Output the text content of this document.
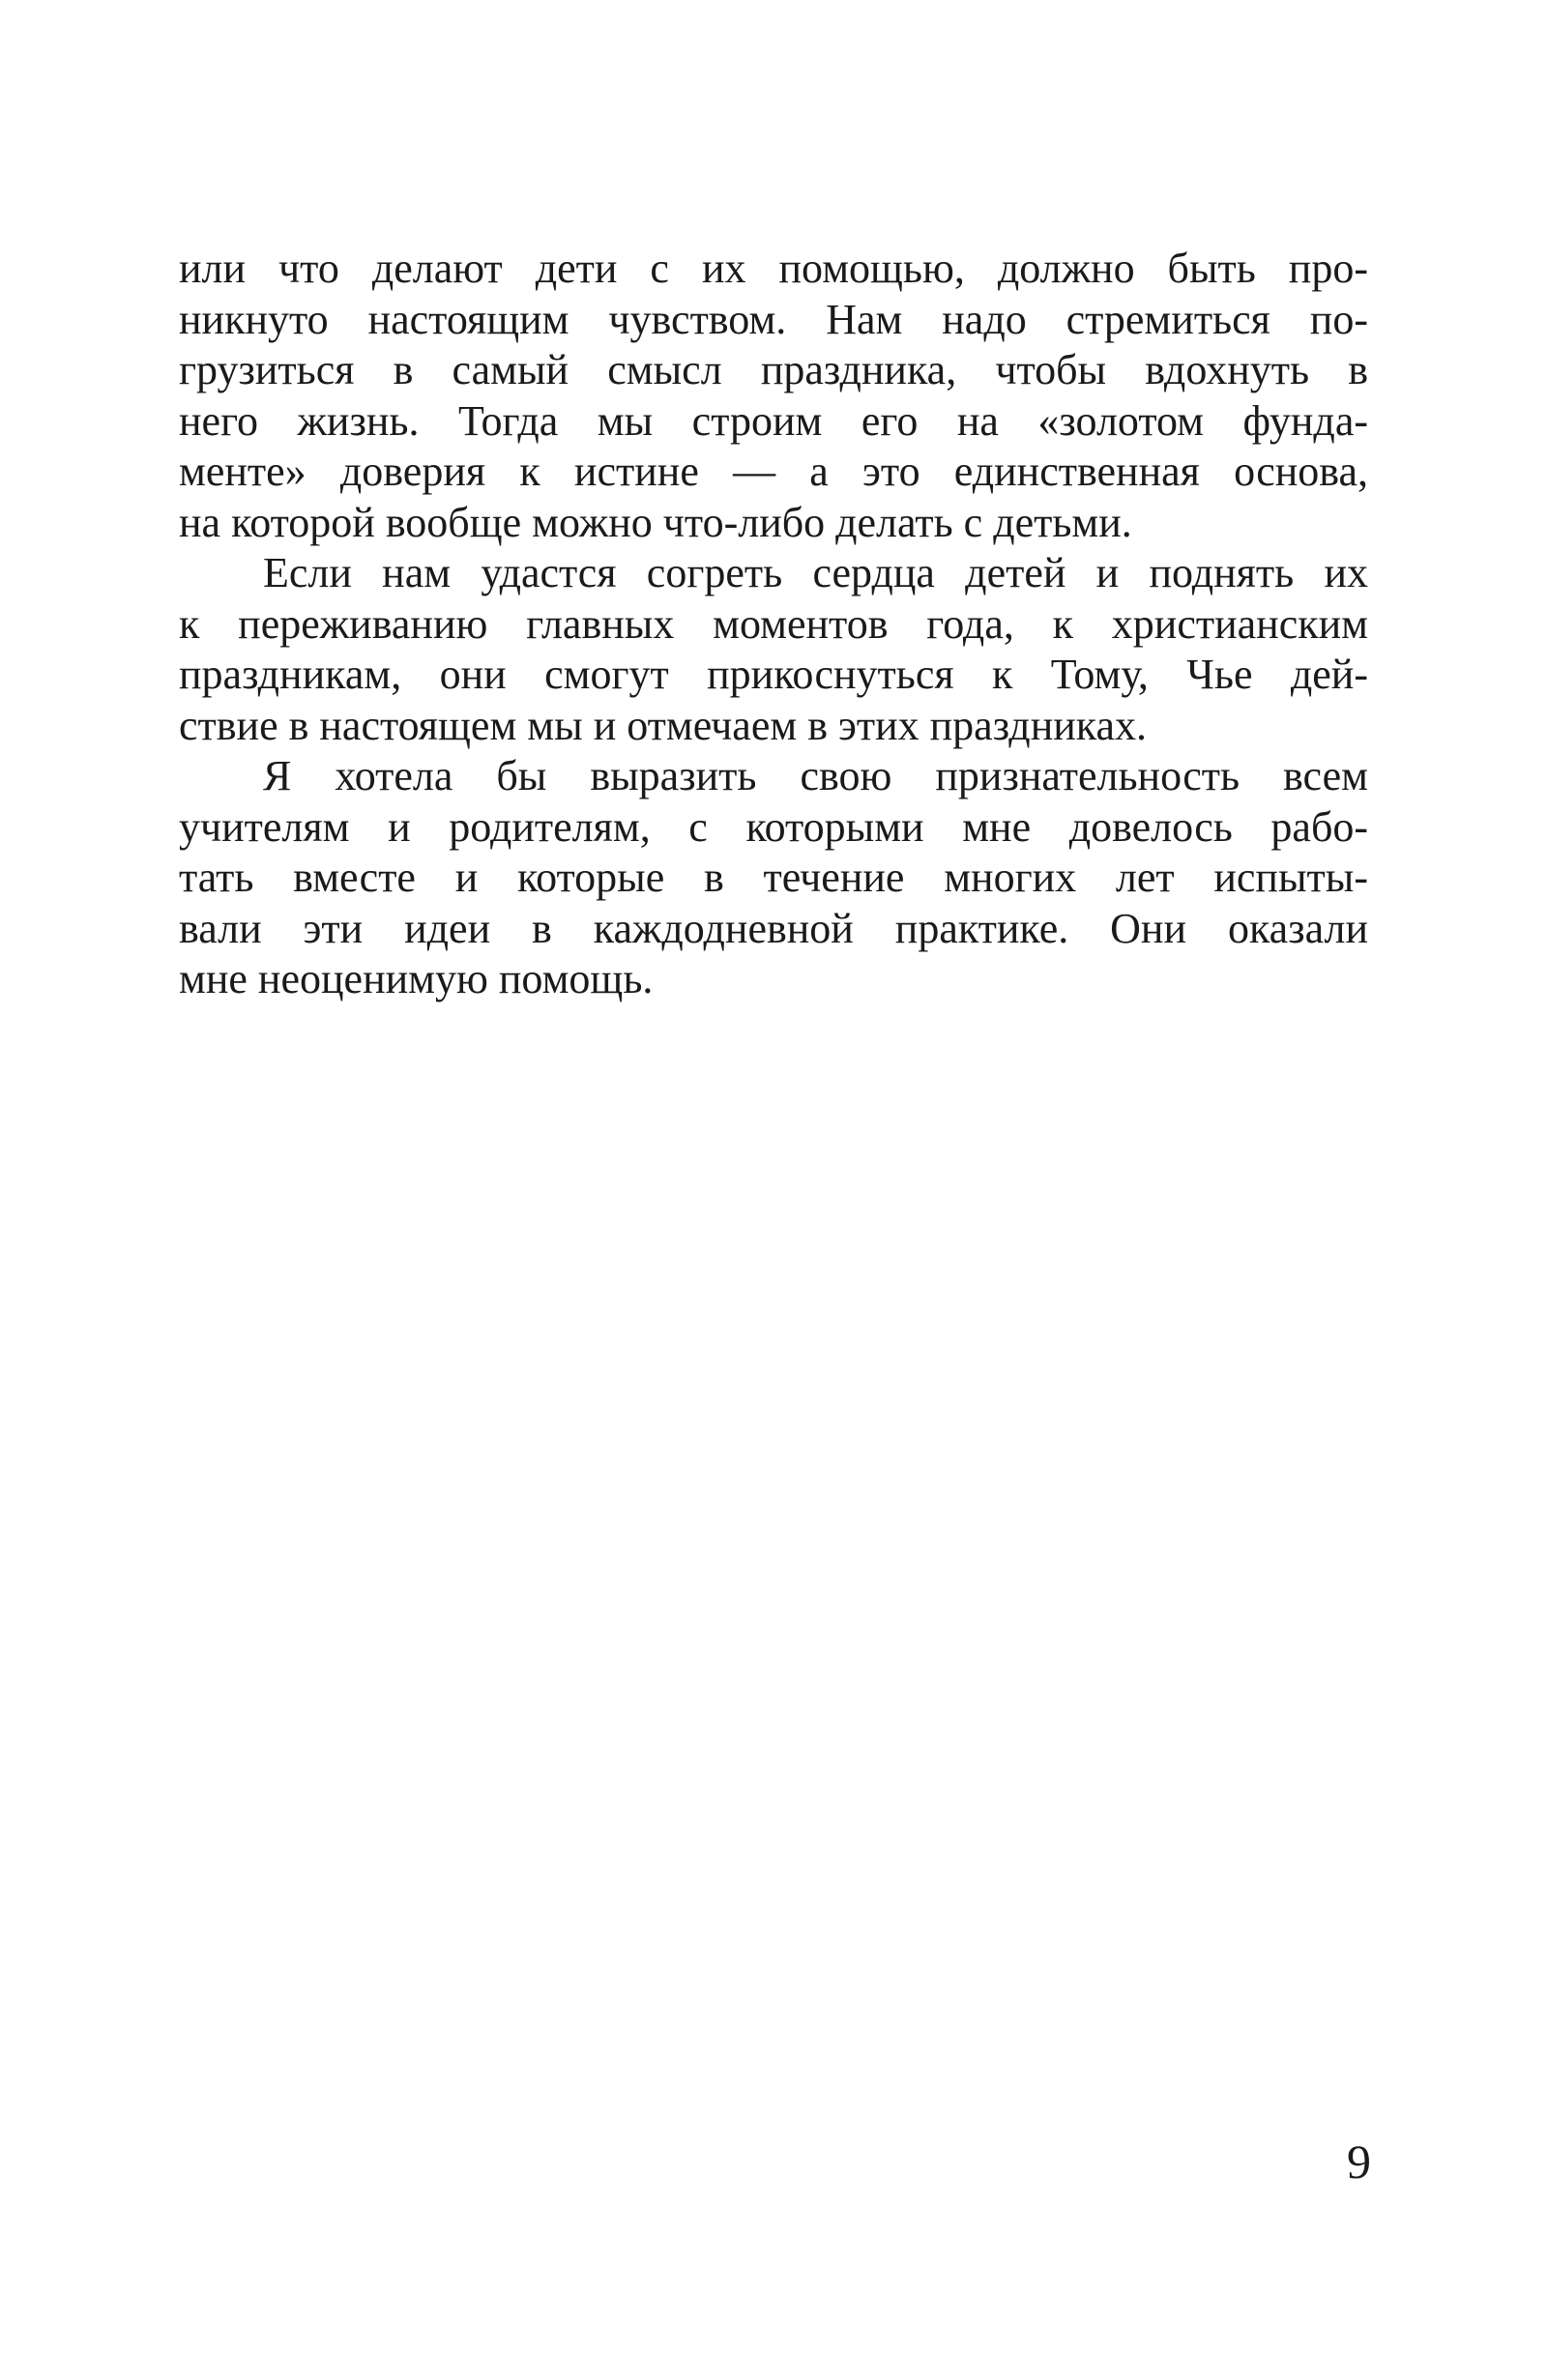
или что делают дети с их помощью, должно быть про-
никнуто настоящим чувством. Нам надо стремиться по-
грузиться в самый смысл праздника, чтобы вдохнуть в
него жизнь. Тогда мы строим его на «золотом фунда-
менте» доверия к истине — а это единственная основа,
на которой вообще можно что-либо делать с детьми.

Если нам удастся согреть сердца детей и поднять их
к переживанию главных моментов года, к христианским
праздникам, они смогут прикоснуться к Тому, Чье дей-
ствие в настоящем мы и отмечаем в этих праздниках.

Я хотела бы выразить свою признательность всем
учителям и родителям, с которыми мне довелось рабо-
тать вместе и которые в течение многих лет испыты-
вали эти идеи в каждодневной практике. Они оказали
мне неоценимую помощь.

9
